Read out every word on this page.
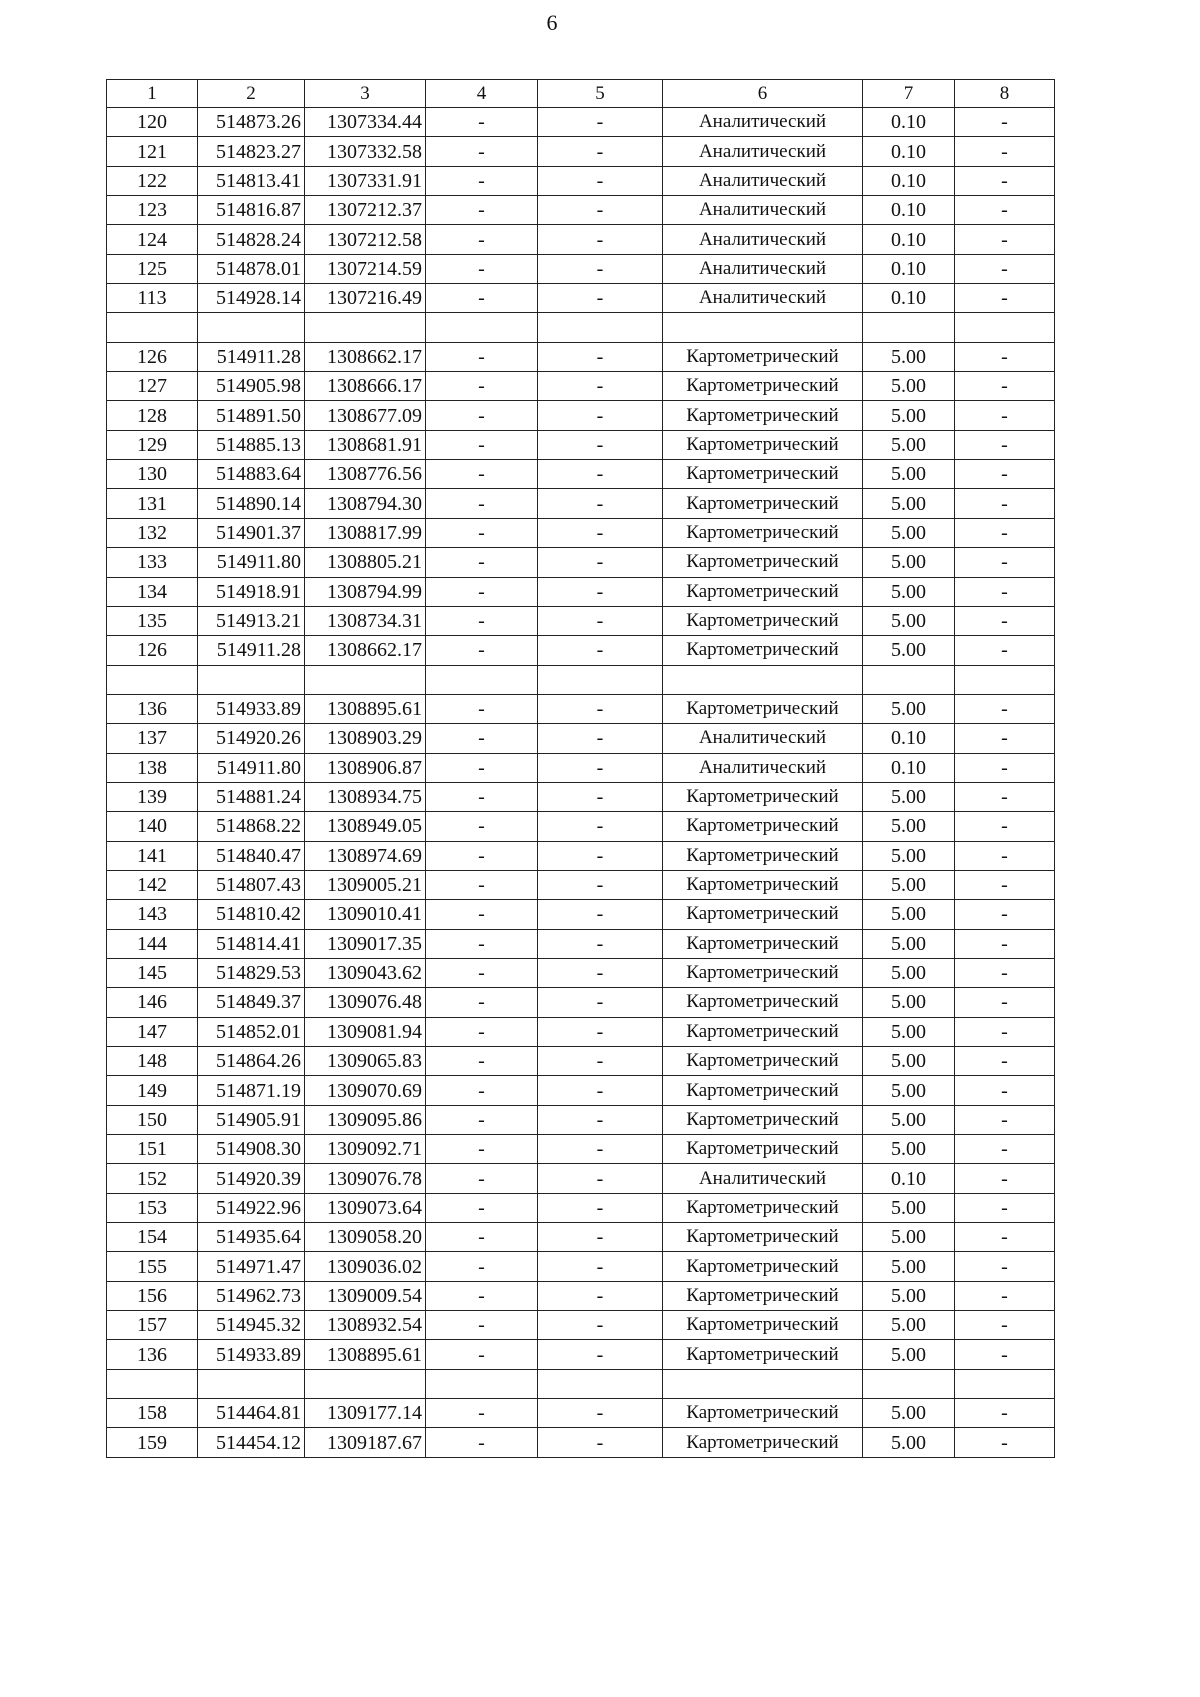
6
1	2	3	4	5	6	7	8
120	514873.26	1307334.44	-	-	Аналитический	0.10	-
121	514823.27	1307332.58	-	-	Аналитический	0.10	-
122	514813.41	1307331.91	-	-	Аналитический	0.10	-
123	514816.87	1307212.37	-	-	Аналитический	0.10	-
124	514828.24	1307212.58	-	-	Аналитический	0.10	-
125	514878.01	1307214.59	-	-	Аналитический	0.10	-
113	514928.14	1307216.49	-	-	Аналитический	0.10	-

126	514911.28	1308662.17	-	-	Картометрический	5.00	-
127	514905.98	1308666.17	-	-	Картометрический	5.00	-
128	514891.50	1308677.09	-	-	Картометрический	5.00	-
129	514885.13	1308681.91	-	-	Картометрический	5.00	-
130	514883.64	1308776.56	-	-	Картометрический	5.00	-
131	514890.14	1308794.30	-	-	Картометрический	5.00	-
132	514901.37	1308817.99	-	-	Картометрический	5.00	-
133	514911.80	1308805.21	-	-	Картометрический	5.00	-
134	514918.91	1308794.99	-	-	Картометрический	5.00	-
135	514913.21	1308734.31	-	-	Картометрический	5.00	-
126	514911.28	1308662.17	-	-	Картометрический	5.00	-

136	514933.89	1308895.61	-	-	Картометрический	5.00	-
137	514920.26	1308903.29	-	-	Аналитический	0.10	-
138	514911.80	1308906.87	-	-	Аналитический	0.10	-
139	514881.24	1308934.75	-	-	Картометрический	5.00	-
140	514868.22	1308949.05	-	-	Картометрический	5.00	-
141	514840.47	1308974.69	-	-	Картометрический	5.00	-
142	514807.43	1309005.21	-	-	Картометрический	5.00	-
143	514810.42	1309010.41	-	-	Картометрический	5.00	-
144	514814.41	1309017.35	-	-	Картометрический	5.00	-
145	514829.53	1309043.62	-	-	Картометрический	5.00	-
146	514849.37	1309076.48	-	-	Картометрический	5.00	-
147	514852.01	1309081.94	-	-	Картометрический	5.00	-
148	514864.26	1309065.83	-	-	Картометрический	5.00	-
149	514871.19	1309070.69	-	-	Картометрический	5.00	-
150	514905.91	1309095.86	-	-	Картометрический	5.00	-
151	514908.30	1309092.71	-	-	Картометрический	5.00	-
152	514920.39	1309076.78	-	-	Аналитический	0.10	-
153	514922.96	1309073.64	-	-	Картометрический	5.00	-
154	514935.64	1309058.20	-	-	Картометрический	5.00	-
155	514971.47	1309036.02	-	-	Картометрический	5.00	-
156	514962.73	1309009.54	-	-	Картометрический	5.00	-
157	514945.32	1308932.54	-	-	Картометрический	5.00	-
136	514933.89	1308895.61	-	-	Картометрический	5.00	-

158	514464.81	1309177.14	-	-	Картометрический	5.00	-
159	514454.12	1309187.67	-	-	Картометрический	5.00	-
